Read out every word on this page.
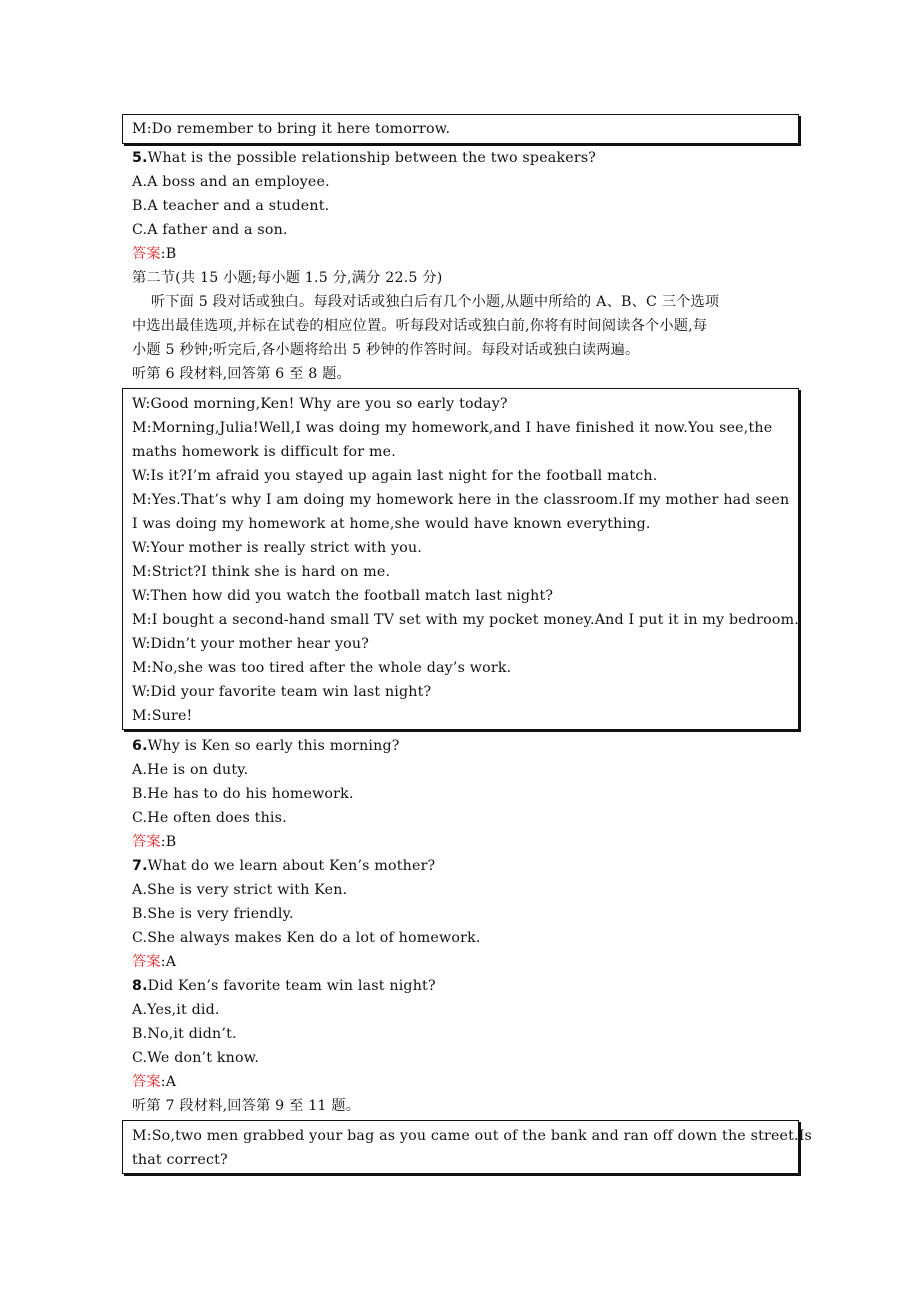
M:Do remember to bring it here tomorrow.
5.What is the possible relationship between the two speakers?
A.A boss and an employee.
B.A teacher and a student.
C.A father and a son.
答案:B
第二节(共 15 小题;每小题 1.5 分,满分 22.5 分)
听下面 5 段对话或独白。每段对话或独白后有几个小题,从题中所给的 A、B、C 三个选项
中选出最佳选项,并标在试卷的相应位置。听每段对话或独白前,你将有时间阅读各个小题,每
小题 5 秒钟;听完后,各小题将给出 5 秒钟的作答时间。每段对话或独白读两遍。
听第 6 段材料,回答第 6 至 8 题。
W:Good morning,Ken! Why are you so early today?
M:Morning,Julia!Well,I was doing my homework,and I have finished it now.You see,the
maths homework is difficult for me.
W:Is it?I’m afraid you stayed up again last night for the football match.
M:Yes.That’s why I am doing my homework here in the classroom.If my mother had seen
I was doing my homework at home,she would have known everything.
W:Your mother is really strict with you.
M:Strict?I think she is hard on me.
W:Then how did you watch the football match last night?
M:I bought a second-hand small TV set with my pocket money.And I put it in my bedroom.
W:Didn’t your mother hear you?
M:No,she was too tired after the whole day’s work.
W:Did your favorite team win last night?
M:Sure!
6.Why is Ken so early this morning?
A.He is on duty.
B.He has to do his homework.
C.He often does this.
答案:B
7.What do we learn about Ken’s mother?
A.She is very strict with Ken.
B.She is very friendly.
C.She always makes Ken do a lot of homework.
答案:A
8.Did Ken’s favorite team win last night?
A.Yes,it did.
B.No,it didn’t.
C.We don’t know.
答案:A
听第 7 段材料,回答第 9 至 11 题。
M:So,two men grabbed your bag as you came out of the bank and ran off down the street.Is
that correct?
